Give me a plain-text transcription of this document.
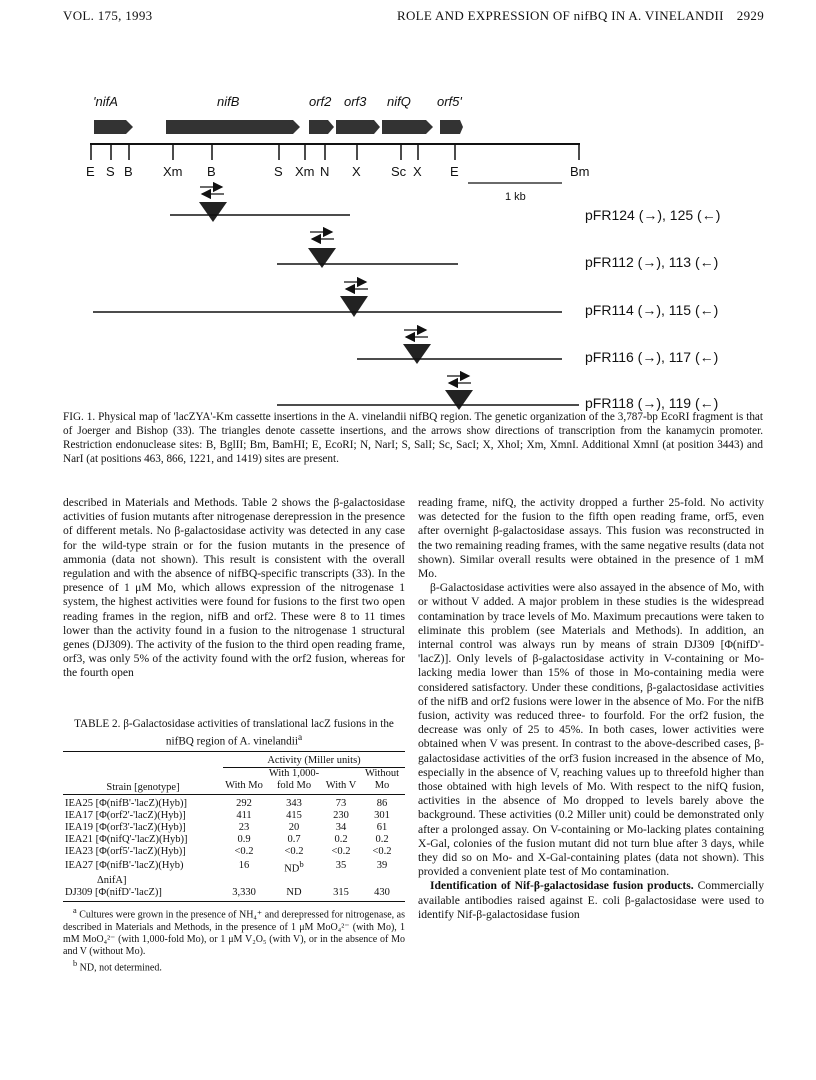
VOL. 175, 1993	ROLE AND EXPRESSION OF nifBQ IN A. VINELANDII 2929
'nifA	nifB	orf2 orf3 nifQ orf5'
E S B Xm B	S Xm N X Sc X E	Bm
1 kb
pFR124 (→), 125 (←)
pFR112 (→), 113 (←)
pFR114 (→), 115 (←)
pFR116 (→), 117 (←)
pFR118 (→), 119 (←)
FIG. 1. Physical map of 'lacZYA'-Km cassette insertions in the A. vinelandii nifBQ region. The genetic organization of the 3,787-bp EcoRI fragment is that of Joerger and Bishop (33). The triangles denote cassette insertions, and the arrows show directions of transcription from the kanamycin promoter. Restriction endonuclease sites: B, BglII; Bm, BamHI; E, EcoRI; N, NarI; S, SalI; Sc, SacI; X, XhoI; Xm, XmnI. Additional XmnI (at position 3443) and NarI (at positions 463, 866, 1221, and 1419) sites are present.

described in Materials and Methods. Table 2 shows the β-galactosidase activities of fusion mutants after nitrogenase derepression in the presence of different metals. No β-galactosidase activity was detected in any case for the wild-type strain or for the fusion mutants in the presence of ammonia (data not shown). This result is consistent with the overall regulation and with the absence of nifBQ-specific transcripts (33). In the presence of 1 μM Mo, which allows expression of the nitrogenase 1 system, the highest activities were found for fusions to the first two open reading frames in the region, nifB and orf2. These were 8 to 11 times lower than the activity found in a fusion to the nitrogenase 1 structural genes (DJ309). The activity of the fusion to the third open reading frame, orf3, was only 5% of the activity found with the orf2 fusion, whereas for the fourth open

TABLE 2. β-Galactosidase activities of translational lacZ fusions in the nifBQ region of A. vinelandii$^a$
Strain [genotype]	Activity (Miller units)			
	With Mo	With 1,000-fold Mo	With V	Without Mo
IEA25 [Φ(nifB'-'lacZ)(Hyb)]	292	343	73	86
IEA17 [Φ(orf2'-'lacZ)(Hyb)]	411	415	230	301
IEA19 [Φ(orf3'-'lacZ)(Hyb)]	23	20	34	61
IEA21 [Φ(nifQ'-'lacZ)(Hyb)]	0.9	0.7	0.2	0.2
IEA23 [Φ(orf5'-'lacZ)(Hyb)]	<0.2	<0.2	<0.2	<0.2
IEA27 [Φ(nifB'-'lacZ)(Hyb)	16	$ND^b$	35	39
ΔnifA]				
DJ309 [Φ(nifD'-'lacZ)]	3,330	ND	315	430

$^a$ Cultures were grown in the presence of NH₄⁺ and derepressed for nitrogenase, as described in Materials and Methods, in the presence of 1 μM MoO₄²⁻ (with Mo), 1 mM MoO₄²⁻ (with 1,000-fold Mo), or 1 μM V₂O₅ (with V), or in the absence of Mo and V (without Mo).

$^b$ ND, not determined.

reading frame, nifQ, the activity dropped a further 25-fold. No activity was detected for the fusion to the fifth open reading frame, orf5, even after overnight β-galactosidase assays. This fusion was reconstructed in the two remaining reading frames, with the same negative results (data not shown). Similar overall results were obtained in the presence of 1 mM Mo.

β-Galactosidase activities were also assayed in the absence of Mo, with or without V added. A major problem in these studies is the widespread contamination by trace levels of Mo. Maximum precautions were taken to eliminate this problem (see Materials and Methods). In addition, an internal control was always run by means of strain DJ309 [Φ(nifD'-'lacZ)]. Only levels of β-galactosidase activity in V-containing or Mo-lacking media lower than 15% of those in Mo-containing media were considered satisfactory. Under these conditions, β-galactosidase activities of the nifB and orf2 fusions were lower in the absence of Mo. For the nifB fusion, activity was reduced three- to fourfold. For the orf2 fusion, the decrease was only of 25 to 45%. In both cases, lower activities were obtained when V was present. In contrast to the above-described cases, β-galactosidase activities of the orf3 fusion increased in the absence of Mo, especially in the absence of V, reaching values up to threefold higher than those obtained with high levels of Mo. With respect to the nifQ fusion, activities in the absence of Mo dropped to levels barely above the background. These activities (0.2 Miller unit) could be demonstrated only after a prolonged assay. On V-containing or Mo-lacking plates containing X-Gal, colonies of the fusion mutant did not turn blue after 3 days, while they did so on Mo- and X-Gal-containing plates (data not shown). This provided a convenient plate test of Mo contamination.

Identification of Nif-β-galactosidase fusion products. Commercially available antibodies raised against E. coli β-galactosidase were used to identify Nif-β-galactosidase fusion
